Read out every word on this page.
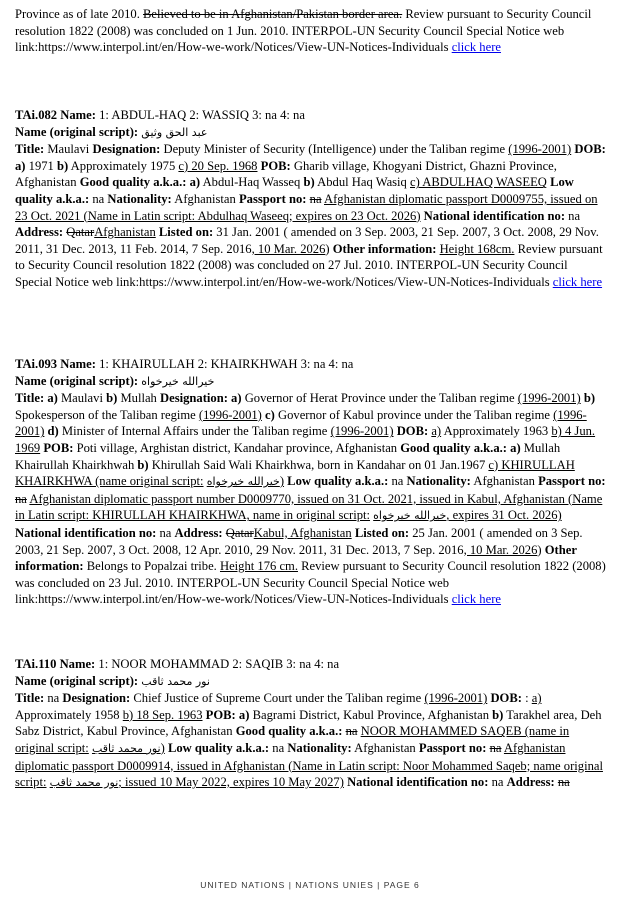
Province as of late 2010. Believed to be in Afghanistan/Pakistan border area. Review pursuant to Security Council resolution 1822 (2008) was concluded on 1 Jun. 2010. INTERPOL-UN Security Council Special Notice web link:https://www.interpol.int/en/How-we-work/Notices/View-UN-Notices-Individuals click here
TAi.082 Name: 1: ABDUL-HAQ 2: WASSIQ 3: na 4: na
Name (original script): عبد الحق وثيق
Title: Maulavi Designation: Deputy Minister of Security (Intelligence) under the Taliban regime (1996-2001) DOB: a) 1971 b) Approximately 1975 c) 20 Sep. 1968 POB: Gharib village, Khogyani District, Ghazni Province, Afghanistan Good quality a.k.a.: a) Abdul-Haq Wasseq b) Abdul Haq Wasiq c) ABDULHAQ WASEEQ Low quality a.k.a.: na Nationality: Afghanistan Passport no: na Afghanistan diplomatic passport D0009755, issued on 23 Oct. 2021 (Name in Latin script: Abdulhaq Waseeq; expires on 23 Oct. 2026) National identification no: na Address: QatarAfghanistan Listed on: 31 Jan. 2001 ( amended on 3 Sep. 2003, 21 Sep. 2007, 3 Oct. 2008, 29 Nov. 2011, 31 Dec. 2013, 11 Feb. 2014, 7 Sep. 2016, 10 Mar. 2026) Other information: Height 168cm. Review pursuant to Security Council resolution 1822 (2008) was concluded on 27 Jul. 2010. INTERPOL-UN Security Council Special Notice web link:https://www.interpol.int/en/How-we-work/Notices/View-UN-Notices-Individuals click here
TAi.093 Name: 1: KHAIRULLAH 2: KHAIRKHWAH 3: na 4: na
Name (original script): خيرالله خيرخواه
Title: a) Maulavi b) Mullah Designation: a) Governor of Herat Province under the Taliban regime (1996-2001) b) Spokesperson of the Taliban regime (1996-2001) c) Governor of Kabul province under the Taliban regime (1996-2001) d) Minister of Internal Affairs under the Taliban regime (1996-2001) DOB: a) Approximately 1963 b) 4 Jun. 1969 POB: Poti village, Arghistan district, Kandahar province, Afghanistan Good quality a.k.a.: a) Mullah Khairullah Khairkhwah b) Khirullah Said Wali Khairkhwa, born in Kandahar on 01 Jan.1967 c) KHIRULLAH KHAIRKHWA (name original script: خيرالله خيرخواه) Low quality a.k.a.: na Nationality: Afghanistan Passport no: na Afghanistan diplomatic passport number D0009770, issued on 31 Oct. 2021, issued in Kabul, Afghanistan (Name in Latin script: KHIRULLAH KHAIRKHWA, name in original script: خيرالله خيرخواه, expires 31 Oct. 2026) National identification no: na Address: QatarKabul, Afghanistan Listed on: 25 Jan. 2001 ( amended on 3 Sep. 2003, 21 Sep. 2007, 3 Oct. 2008, 12 Apr. 2010, 29 Nov. 2011, 31 Dec. 2013, 7 Sep. 2016, 10 Mar. 2026) Other information: Belongs to Popalzai tribe. Height 176 cm. Review pursuant to Security Council resolution 1822 (2008) was concluded on 23 Jul. 2010. INTERPOL-UN Security Council Special Notice web link:https://www.interpol.int/en/How-we-work/Notices/View-UN-Notices-Individuals click here
TAi.110 Name: 1: NOOR MOHAMMAD 2: SAQIB 3: na 4: na
Name (original script): نور محمد ثاقب
Title: na Designation: Chief Justice of Supreme Court under the Taliban regime (1996-2001) DOB: : a) Approximately 1958 b) 18 Sep. 1963 POB: a) Bagrami District, Kabul Province, Afghanistan b) Tarakhel area, Deh Sabz District, Kabul Province, Afghanistan Good quality a.k.a.: na NOOR MOHAMMED SAQEB (name in original script: نور محمد ثاقب) Low quality a.k.a.: na Nationality: Afghanistan Passport no: na Afghanistan diplomatic passport D0009914, issued in Afghanistan (Name in Latin script: Noor Mohammed Saqeb; name original script: نور محمد ثاقب; issued 10 May 2022, expires 10 May 2027) National identification no: na Address: na
UNITED NATIONS | NATIONS UNIES | PAGE 6
